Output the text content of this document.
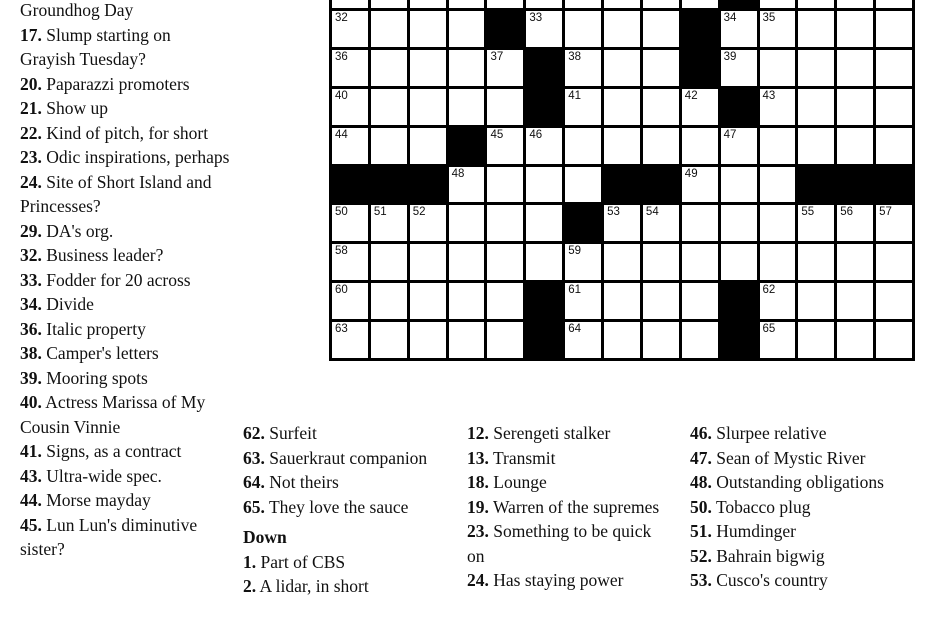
Groundhog Day
17. Slump starting on Grayish Tuesday?
20. Paparazzi promoters
21. Show up
22. Kind of pitch, for short
23. Odic inspirations, perhaps
24. Site of Short Island and Princesses?
29. DA's org.
32. Business leader?
33. Fodder for 20 across
34. Divide
36. Italic property
38. Camper's letters
39. Mooring spots
40. Actress Marissa of My Cousin Vinnie
41. Signs, as a contract
43. Ultra-wide spec.
44. Morse mayday
45. Lun Lun's diminutive sister?
32	33	34 35
36	37	38	39
40	41	42	43
44	45 46	47
48	49
50 51 52	53 54	55 56 57
58	59
60	61	62
63	64	65
62. Surfeit
63. Sauerkraut companion
64. Not theirs
65. They love the sauce
Down
1. Part of CBS
2. A lidar, in short
12. Serengeti stalker
13. Transmit
18. Lounge
19. Warren of the supremes
23. Something to be quick on
24. Has staying power
46. Slurpee relative
47. Sean of Mystic River
48. Outstanding obligations
50. Tobacco plug
51. Humdinger
52. Bahrain bigwig
53. Cusco's country
